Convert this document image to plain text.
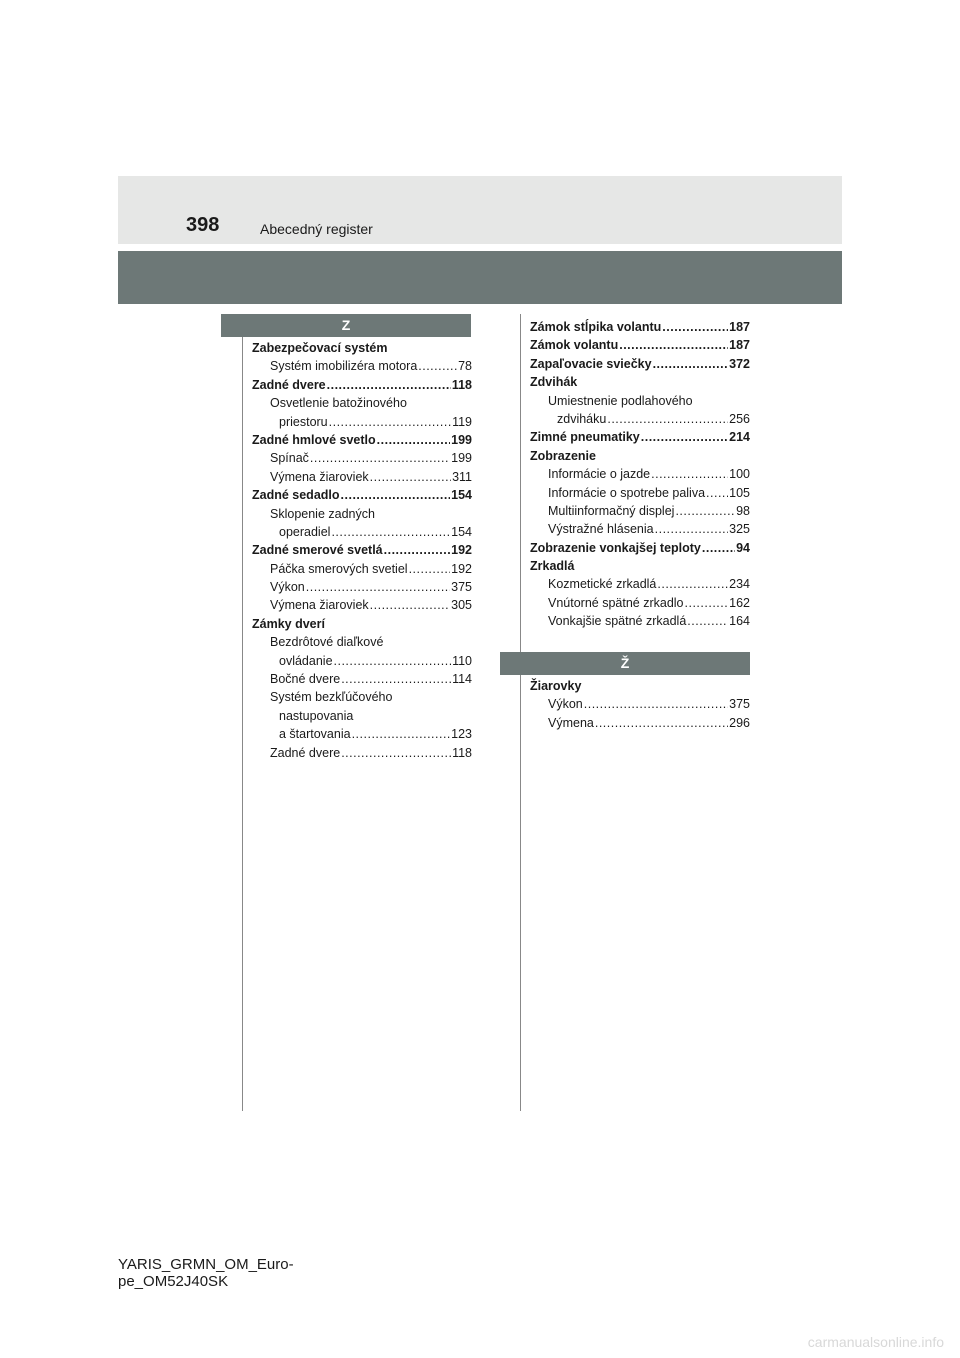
398	Abecedný register
Z
Zabezpečovací systém
Systém imobilizéra motora .....	78
Zadné dvere .....	118
Osvetlenie batožinového
priestoru .....	119
Zadné hmlové svetlo .....	199
Spínač .....	199
Výmena žiaroviek .....	311
Zadné sedadlo .....	154
Sklopenie zadných
operadiel .....	154
Zadné smerové svetlá .....	192
Páčka smerových svetiel .....	192
Výkon .....	375
Výmena žiaroviek .....	305
Zámky dverí
Bezdrôtové diaľkové
ovládanie .....	110
Bočné dvere .....	114
Systém bezkľúčového
nastupovania
a štartovania .....	123
Zadné dvere .....	118
Zámok stĺpika volantu .....	187
Zámok volantu .....	187
Zapaľovacie sviečky .....	372
Zdvihák
Umiestnenie podlahového
zdviháku .....	256
Zimné pneumatiky .....	214
Zobrazenie
Informácie o jazde .....	100
Informácie o spotrebe paliva ..... 105
Multiinformačný displej .....	98
Výstražné hlásenia .....	325
Zobrazenie vonkajšej teploty .....	94
Zrkadlá
Kozmetické zrkadlá .....	234
Vnútorné spätné zrkadlo .....	162
Vonkajšie spätné zrkadlá .....	164
Ž
Žiarovky
Výkon .....	375
Výmena .....	296
YARIS_GRMN_OM_Euro-
pe_OM52J40SK
carmanualsonline.info
